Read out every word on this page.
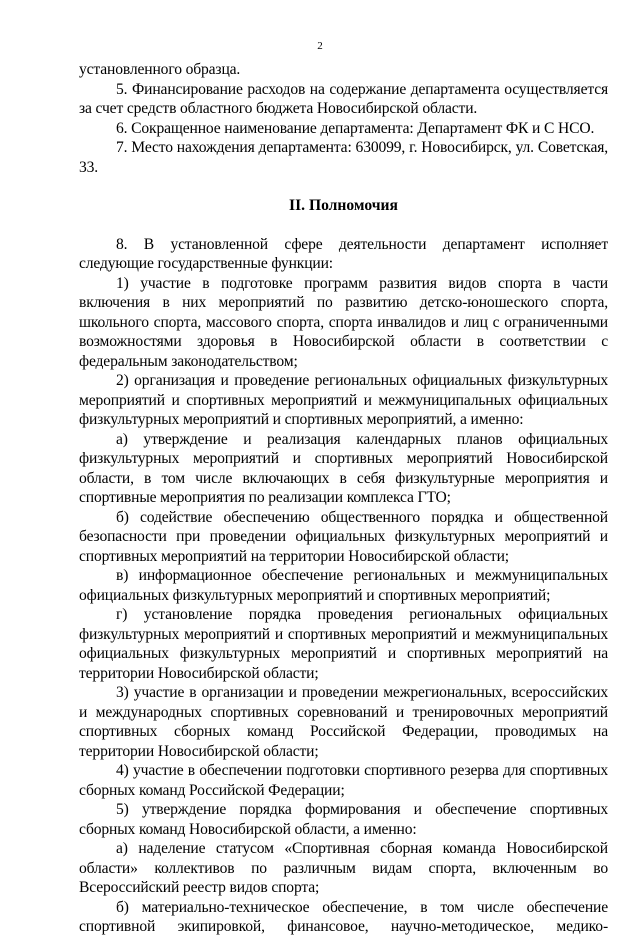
2

установленного образца.

5. Финансирование расходов на содержание департамента осуществляется за счет средств областного бюджета Новосибирской области.

6. Сокращенное наименование департамента: Департамент ФК и С НСО.

7. Место нахождения департамента: 630099, г. Новосибирск, ул. Советская, 33.

II. Полномочия

8. В установленной сфере деятельности департамент исполняет следующие государственные функции:

1) участие в подготовке программ развития видов спорта в части включения в них мероприятий по развитию детско-юношеского спорта, школьного спорта, массового спорта, спорта инвалидов и лиц с ограниченными возможностями здоровья в Новосибирской области в соответствии с федеральным законодательством;

2) организация и проведение региональных официальных физкультурных мероприятий и спортивных мероприятий и межмуниципальных официальных физкультурных мероприятий и спортивных мероприятий, а именно:

а) утверждение и реализация календарных планов официальных физкультурных мероприятий и спортивных мероприятий Новосибирской области, в том числе включающих в себя физкультурные мероприятия и спортивные мероприятия по реализации комплекса ГТО;

б) содействие обеспечению общественного порядка и общественной безопасности при проведении официальных физкультурных мероприятий и спортивных мероприятий на территории Новосибирской области;

в) информационное обеспечение региональных и межмуниципальных официальных физкультурных мероприятий и спортивных мероприятий;

г) установление порядка проведения региональных официальных физкультурных мероприятий и спортивных мероприятий и межмуниципальных официальных физкультурных мероприятий и спортивных мероприятий на территории Новосибирской области;

3) участие в организации и проведении межрегиональных, всероссийских и международных спортивных соревнований и тренировочных мероприятий спортивных сборных команд Российской Федерации, проводимых на территории Новосибирской области;

4) участие в обеспечении подготовки спортивного резерва для спортивных сборных команд Российской Федерации;

5) утверждение порядка формирования и обеспечение спортивных сборных команд Новосибирской области, а именно:

а) наделение статусом «Спортивная сборная команда Новосибирской области» коллективов по различным видам спорта, включенным во Всероссийский реестр видов спорта;

б) материально-техническое обеспечение, в том числе обеспечение спортивной экипировкой, финансовое, научно-методическое, медико-
